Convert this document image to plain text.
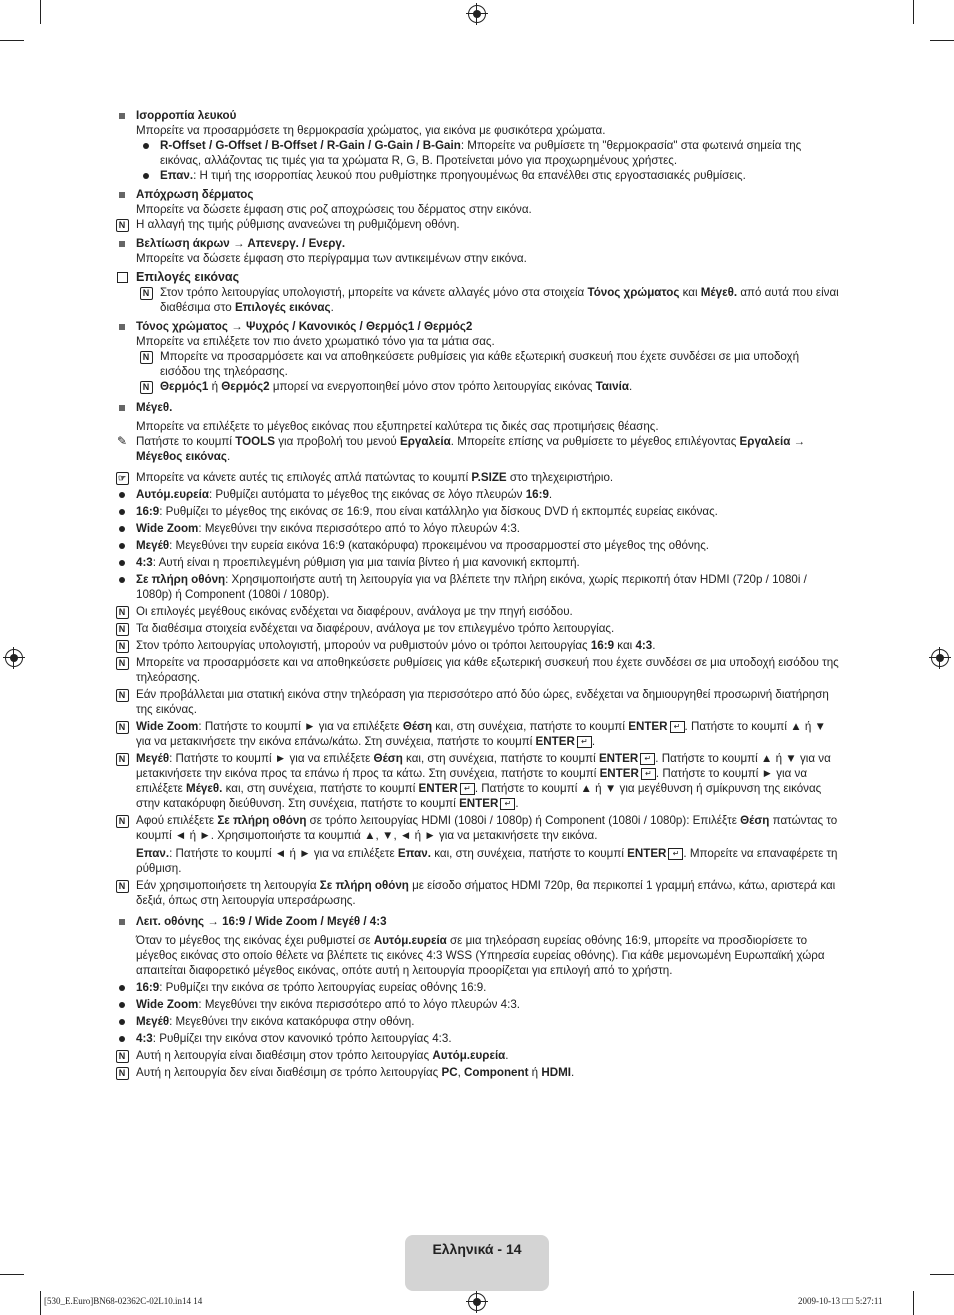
Ισορροπία λευκού
Μπορείτε να προσαρμόσετε τη θερμοκρασία χρώματος, για εικόνα με φυσικότερα χρώματα.
R-Offset / G-Offset / B-Offset / R-Gain / G-Gain / B-Gain: Μπορείτε να ρυθμίσετε τη "θερμοκρασία" στα φωτεινά σημεία της εικόνας, αλλάζοντας τις τιμές για τα χρώματα R, G, B. Προτείνεται μόνο για προχωρημένους χρήστες.
Επαν.: Η τιμή της ισορροπίας λευκού που ρυθμίστηκε προηγουμένως θα επανέλθει στις εργοστασιακές ρυθμίσεις.
Απόχρωση δέρματος
Μπορείτε να δώσετε έμφαση στις ροζ αποχρώσεις του δέρματος στην εικόνα.
N Η αλλαγή της τιμής ρύθμισης ανανεώνει τη ρυθμιζόμενη οθόνη.
Βελτίωση άκρων → Απενεργ. / Ενεργ.
Μπορείτε να δώσετε έμφαση στο περίγραμμα των αντικειμένων στην εικόνα.
Επιλογές εικόνας
N Στον τρόπο λειτουργίας υπολογιστή, μπορείτε να κάνετε αλλαγές μόνο στα στοιχεία Τόνος χρώματος και Μέγεθ. από αυτά που είναι διαθέσιμα στο Επιλογές εικόνας.
Τόνος χρώματος → Ψυχρός / Κανονικός / Θερμός1 / Θερμός2
Μπορείτε να επιλέξετε τον πιο άνετο χρωματικό τόνο για τα μάτια σας.
N Μπορείτε να προσαρμόσετε και να αποθηκεύσετε ρυθμίσεις για κάθε εξωτερική συσκευή που έχετε συνδέσει σε μια υποδοχή εισόδου της τηλεόρασης.
N Θερμός1 ή Θερμός2 μπορεί να ενεργοποιηθεί μόνο στον τρόπο λειτουργίας εικόνας Ταινία.
Μέγεθ.
Μπορείτε να επιλέξετε το μέγεθος εικόνας που εξυπηρετεί καλύτερα τις δικές σας προτιμήσεις θέασης.
✎ Πατήστε το κουμπί TOOLS για προβολή του μενού Εργαλεία. Μπορείτε επίσης να ρυθμίσετε το μέγεθος επιλέγοντας Εργαλεία → Μέγεθος εικόνας.
☞ Μπορείτε να κάνετε αυτές τις επιλογές απλά πατώντας το κουμπί P.SIZE στο τηλεχειριστήριο.
Αυτόμ.ευρεία: Ρυθμίζει αυτόματα το μέγεθος της εικόνας σε λόγο πλευρών 16:9.
16:9: Ρυθμίζει το μέγεθος της εικόνας σε 16:9, που είναι κατάλληλο για δίσκους DVD ή εκπομπές ευρείας εικόνας.
Wide Zoom: Μεγεθύνει την εικόνα περισσότερο από το λόγο πλευρών 4:3.
Μεγέθ: Μεγεθύνει την ευρεία εικόνα 16:9 (κατακόρυφα) προκειμένου να προσαρμοστεί στο μέγεθος της οθόνης.
4:3: Αυτή είναι η προεπιλεγμένη ρύθμιση για μια ταινία βίντεο ή μια κανονική εκπομπή.
Σε πλήρη οθόνη: Χρησιμοποιήστε αυτή τη λειτουργία για να βλέπετε την πλήρη εικόνα, χωρίς περικοπή όταν HDMI (720p / 1080i / 1080p) ή Component (1080i / 1080p).
N Οι επιλογές μεγέθους εικόνας ενδέχεται να διαφέρουν, ανάλογα με την πηγή εισόδου.
N Τα διαθέσιμα στοιχεία ενδέχεται να διαφέρουν, ανάλογα με τον επιλεγμένο τρόπο λειτουργίας.
N Στον τρόπο λειτουργίας υπολογιστή, μπορούν να ρυθμιστούν μόνο οι τρόποι λειτουργίας 16:9 και 4:3.
N Μπορείτε να προσαρμόσετε και να αποθηκεύσετε ρυθμίσεις για κάθε εξωτερική συσκευή που έχετε συνδέσει σε μια υποδοχή εισόδου της τηλεόρασης.
N Εάν προβάλλεται μια στατική εικόνα στην τηλεόραση για περισσότερο από δύο ώρες, ενδέχεται να δημιουργηθεί προσωρινή διατήρηση της εικόνας.
N Wide Zoom: Πατήστε το κουμπί ► για να επιλέξετε Θέση και, στη συνέχεια, πατήστε το κουμπί ENTER ↵ . Πατήστε το κουμπί ▲ ή ▼ για να μετακινήσετε την εικόνα επάνω/κάτω. Στη συνέχεια, πατήστε το κουμπί ENTER ↵ .
N Μεγέθ: Πατήστε το κουμπί ► για να επιλέξετε Θέση και, στη συνέχεια, πατήστε το κουμπί ENTER ↵ . Πατήστε το κουμπί ▲ ή ▼ για να μετακινήσετε την εικόνα προς τα επάνω ή προς τα κάτω. Στη συνέχεια, πατήστε το κουμπί ENTER ↵ . Πατήστε το κουμπί ► για να επιλέξετε Μέγεθ. και, στη συνέχεια, πατήστε το κουμπί ENTER ↵ . Πατήστε το κουμπί ▲ ή ▼ για μεγέθυνση ή σμίκρυνση της εικόνας στην κατακόρυφη διεύθυνση. Στη συνέχεια, πατήστε το κουμπί ENTER ↵ .
N Αφού επιλέξετε Σε πλήρη οθόνη σε τρόπο λειτουργίας HDMI (1080i / 1080p) ή Component (1080i / 1080p): Επιλέξτε Θέση πατώντας το κουμπί ◄ ή ►. Χρησιμοποιήστε τα κουμπιά ▲, ▼, ◄ ή ► για να μετακινήσετε την εικόνα.
Επαν.: Πατήστε το κουμπί ◄ ή ► για να επιλέξετε Επαν. και, στη συνέχεια, πατήστε το κουμπί ENTER ↵ . Μπορείτε να επαναφέρετε τη ρύθμιση.
N Εάν χρησιμοποιήσετε τη λειτουργία Σε πλήρη οθόνη με είσοδο σήματος HDMI 720p, θα περικοπεί 1 γραμμή επάνω, κάτω, αριστερά και δεξιά, όπως στη λειτουργία υπερσάρωσης.
Λειτ. οθόνης → 16:9 / Wide Zoom / Μεγέθ / 4:3
Όταν το μέγεθος της εικόνας έχει ρυθμιστεί σε Αυτόμ.ευρεία σε μια τηλεόραση ευρείας οθόνης 16:9, μπορείτε να προσδιορίσετε το μέγεθος εικόνας στο οποίο θέλετε να βλέπετε τις εικόνες 4:3 WSS (Υπηρεσία ευρείας οθόνης). Για κάθε μεμονωμένη Ευρωπαϊκή χώρα απαιτείται διαφορετικό μέγεθος εικόνας, οπότε αυτή η λειτουργία προορίζεται για επιλογή από το χρήστη.
16:9: Ρυθμίζει την εικόνα σε τρόπο λειτουργίας ευρείας οθόνης 16:9.
Wide Zoom: Μεγεθύνει την εικόνα περισσότερο από το λόγο πλευρών 4:3.
Μεγέθ: Μεγεθύνει την εικόνα κατακόρυφα στην οθόνη.
4:3: Ρυθμίζει την εικόνα στον κανονικό τρόπο λειτουργίας 4:3.
N Αυτή η λειτουργία είναι διαθέσιμη στον τρόπο λειτουργίας Αυτόμ.ευρεία.
N Αυτή η λειτουργία δεν είναι διαθέσιμη σε τρόπο λειτουργίας PC, Component ή HDMI.
Ελληνικά - 14
[530_E.Euro]BN68-02362C-02L10.in14 14	2009-10-13 □□ 5:27:11
